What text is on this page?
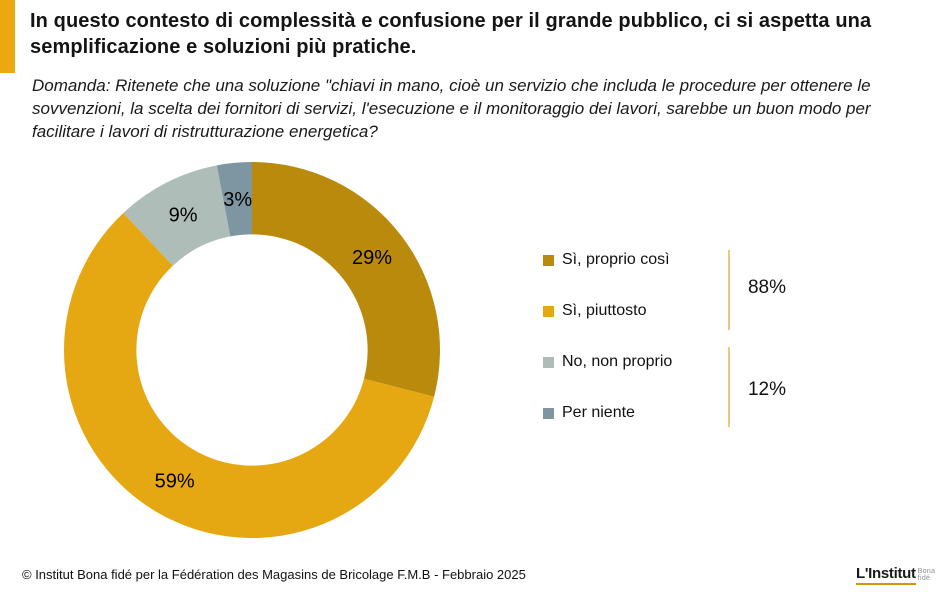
In questo contesto di complessità e confusione per il grande pubblico, ci si aspetta una semplificazione e soluzioni più pratiche.

Domanda: Ritenete che una soluzione "chiavi in mano, cioè un servizio che includa le procedure per ottenere le sovvenzioni, la scelta dei fornitori di servizi, l'esecuzione e il monitoraggio dei lavori, sarebbe un buon modo per facilitare i lavori di ristrutturazione energetica?

29%
59%
9%
3%
Sì, proprio così
Sì, piuttosto
No, non proprio
Per niente
88%
12%
© Institut Bona fidé per la Fédération des Magasins de Bricolage F.M.B - Febbraio 2025	L'Institut Bona fidé
